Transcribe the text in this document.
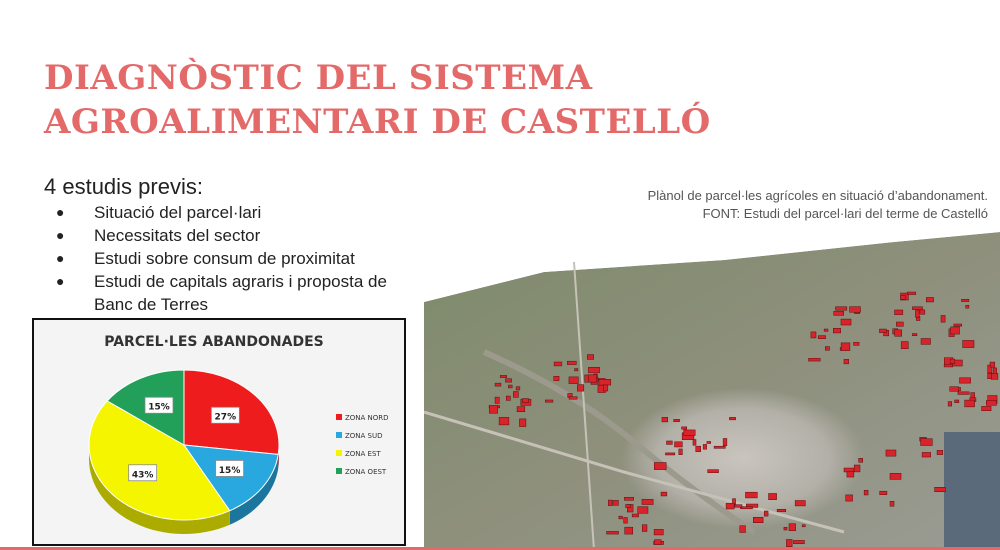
DIAGNÒSTIC DEL SISTEMA
AGROALIMENTARI DE CASTELLÓ
4 estudis previs:
● Situació del parcel·lari
● Necessitats del sector
● Estudi sobre consum de proximitat
● Estudi de capitals agraris i proposta de Banc de Terres
Plànol de parcel·les agrícoles en situació d’abandonament.
FONT: Estudi del parcel·lari del terme de Castelló
PARCEL·LES ABANDONADES
27%
15%
43%
15%
ZONA NORD
ZONA SUD
ZONA EST
ZONA OEST
